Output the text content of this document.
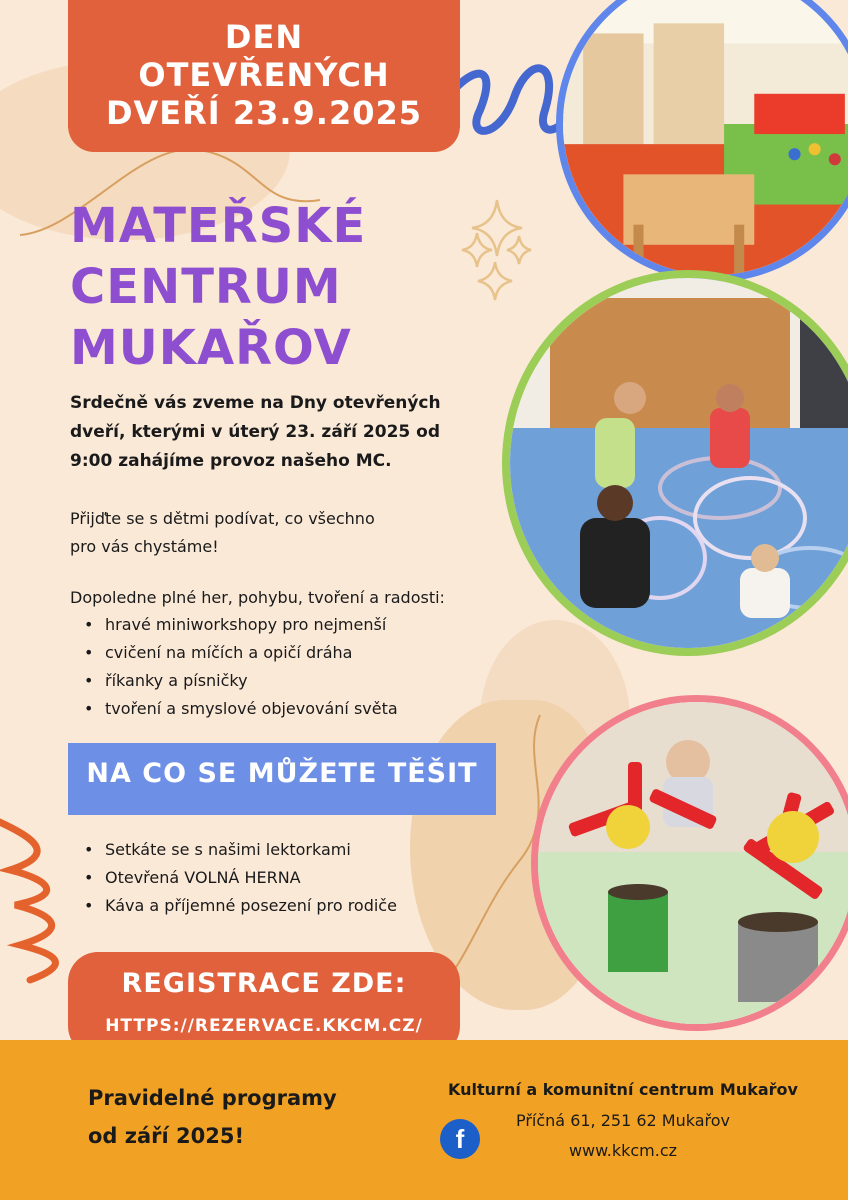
DEN
OTEVŘENÝCH
DVEŘÍ 23.9.2025
MATEŘSKÉ
CENTRUM
MUKAŘOV
Srdečně vás zveme na Dny otevřených
dveří, kterými v úterý 23. září 2025 od
9:00 zahájíme provoz našeho MC.
Přijďte se s dětmi podívat, co všechno
pro vás chystáme!
Dopoledne plné her, pohybu, tvoření a radosti:
• hravé miniworkshopy pro nejmenší
• cvičení na míčích a opičí dráha
• říkanky a písničky
• tvoření a smyslové objevování světa
NA CO SE MŮŽETE TĚŠIT
• Setkáte se s našimi lektorkami
• Otevřená VOLNÁ HERNA
• Káva a příjemné posezení pro rodiče
REGISTRACE ZDE:
HTTPS://REZERVACE.KKCM.CZ/
Pravidelné programy
od září 2025!
Kulturní a komunitní centrum Mukařov
f
Příčná 61, 251 62 Mukařov
www.kkcm.cz
